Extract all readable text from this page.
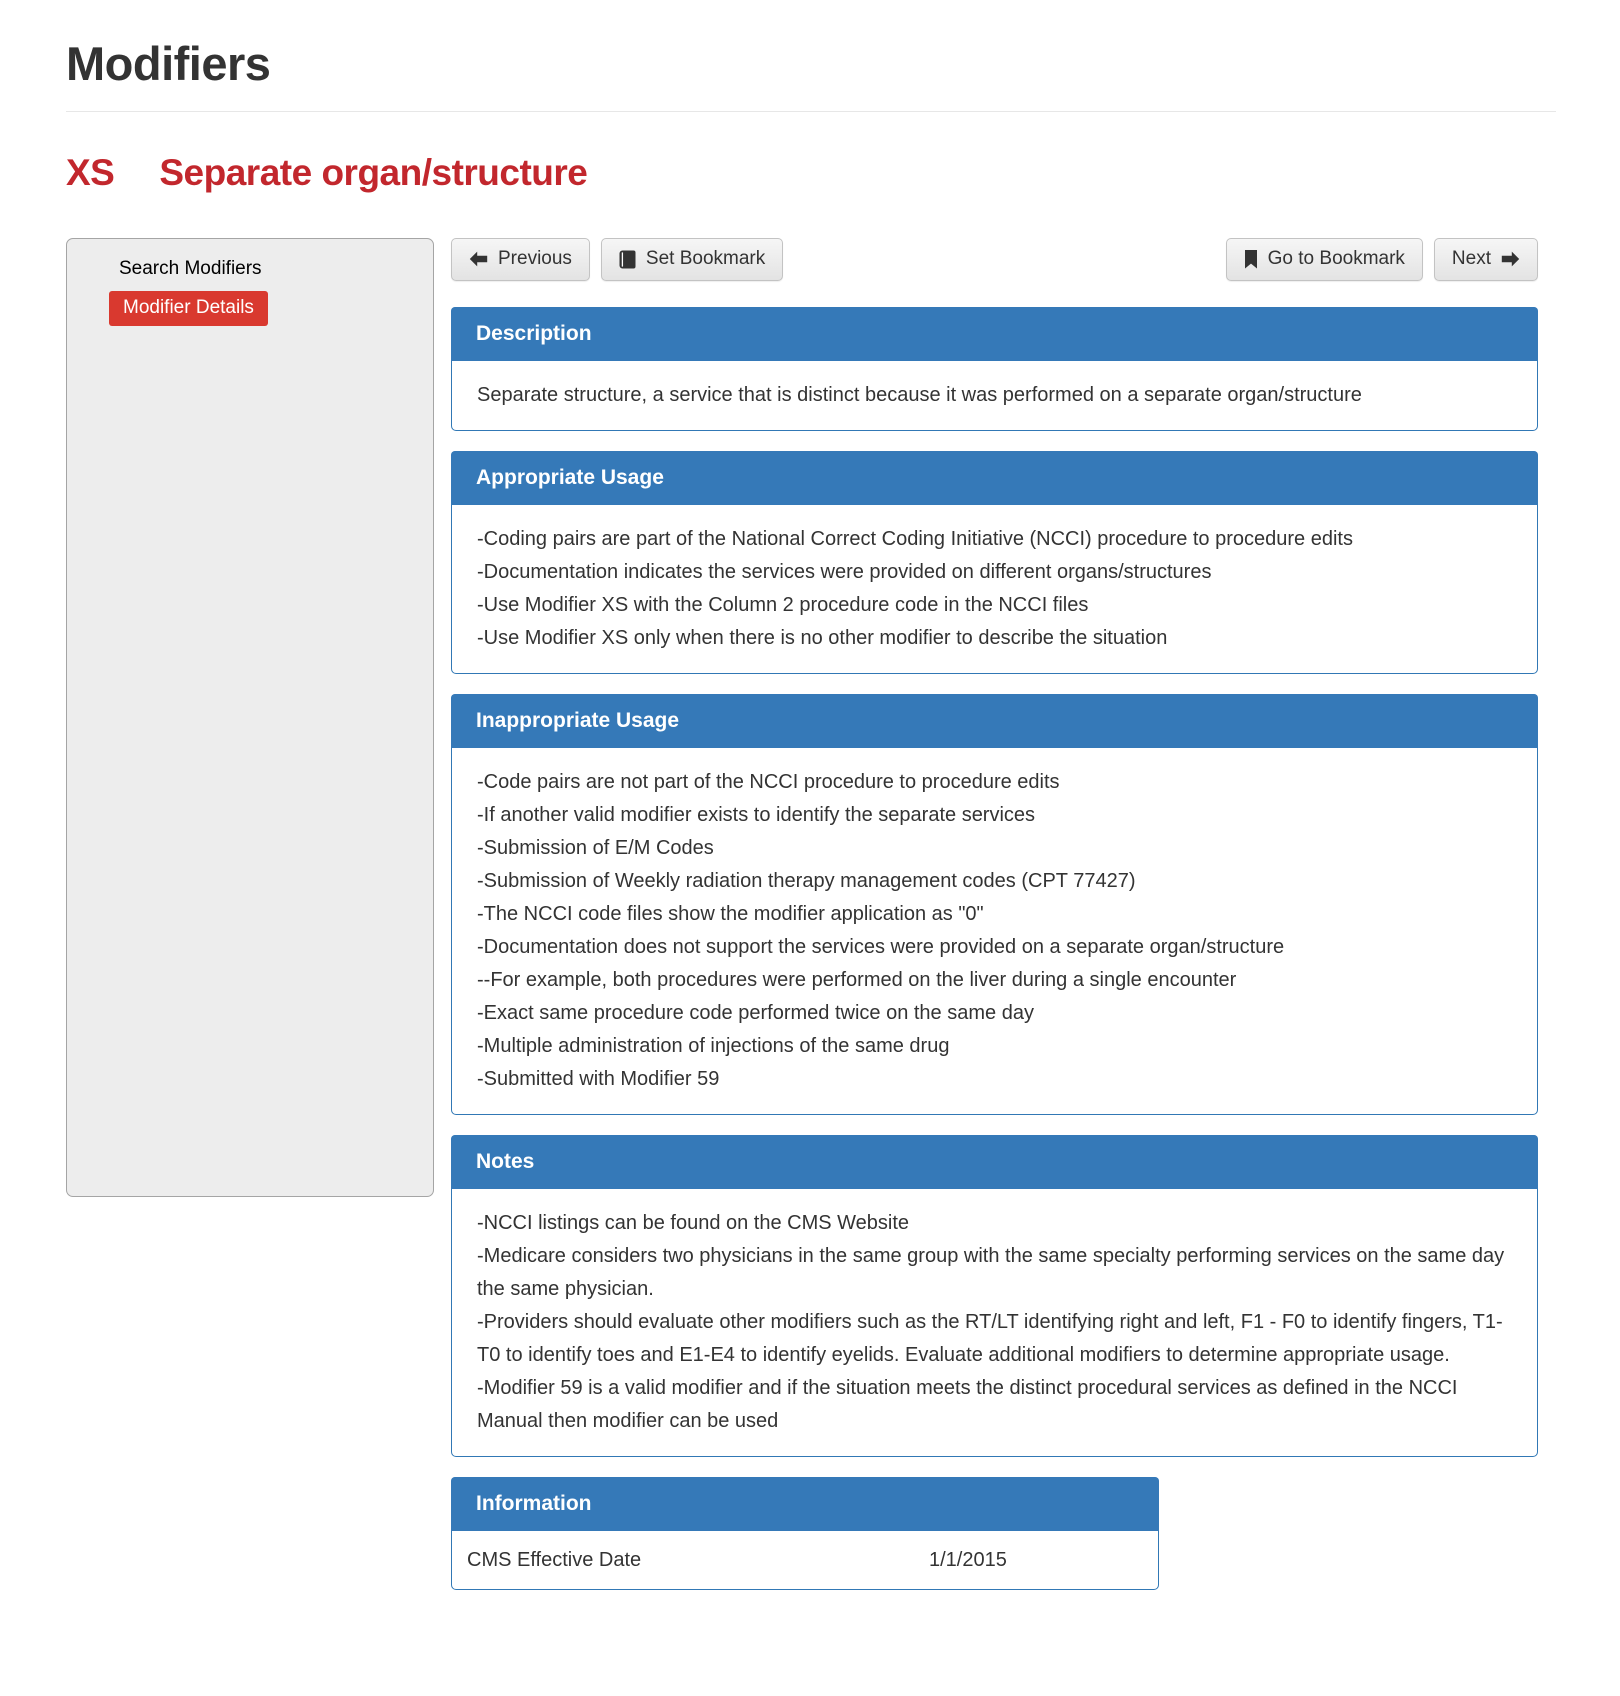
Modifiers
XS Separate organ/structure
Search Modifiers
Modifier Details
Previous	Set Bookmark	Go to Bookmark Next
Description
Separate structure, a service that is distinct because it was performed on a separate organ/structure
Appropriate Usage
-Coding pairs are part of the National Correct Coding Initiative (NCCI) procedure to procedure edits
-Documentation indicates the services were provided on different organs/structures
-Use Modifier XS with the Column 2 procedure code in the NCCI files
-Use Modifier XS only when there is no other modifier to describe the situation
Inappropriate Usage
-Code pairs are not part of the NCCI procedure to procedure edits
-If another valid modifier exists to identify the separate services
-Submission of E/M Codes
-Submission of Weekly radiation therapy management codes (CPT 77427)
-The NCCI code files show the modifier application as "0"
-Documentation does not support the services were provided on a separate organ/structure
--For example, both procedures were performed on the liver during a single encounter
-Exact same procedure code performed twice on the same day
-Multiple administration of injections of the same drug
-Submitted with Modifier 59
Notes
-NCCI listings can be found on the CMS Website
-Medicare considers two physicians in the same group with the same specialty performing services on the same day the same physician.
-Providers should evaluate other modifiers such as the RT/LT identifying right and left, F1 - F0 to identify fingers, T1-T0 to identify toes and E1-E4 to identify eyelids. Evaluate additional modifiers to determine appropriate usage.
-Modifier 59 is a valid modifier and if the situation meets the distinct procedural services as defined in the NCCI Manual then modifier can be used
Information
CMS Effective Date	1/1/2015
